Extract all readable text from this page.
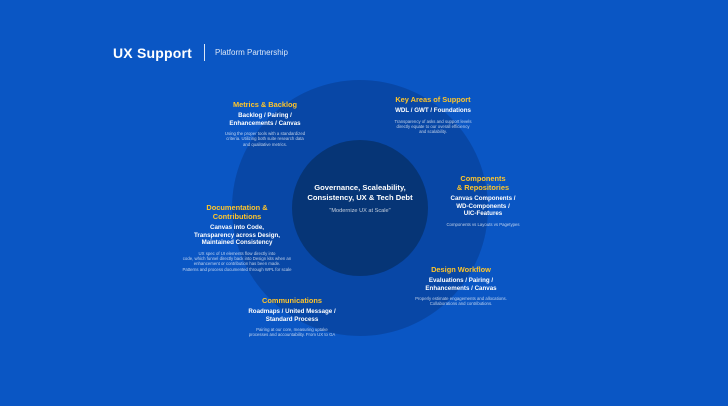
UX Support	Platform Partnership
Governance, Scaleability,
Consistency, UX & Tech Debt
"Modernize UX at Scale"
Metrics & Backlog
Backlog / Pairing /
Enhancements / Canvas
Using the proper tools with a standardized
criteria. Utilizing both suite research data
and qualitative metrics.
Key Areas of Support
WDL / GWT / Foundations
Transparency of asks and support levels
directly equate to our overall efficiency
and scalability.
Components
& Repositories
Canvas Components /
WD-Components /
UIC-Features
Components vs Layouts vs Pagetypes
Documentation &
Contributions
Canvas into Code,
Transparency across Design,
Maintained Consistency
UX spec of UI elements flow directly into
code, which funnel directly back into Design kits when an
enhancement or contribution has been made.
Patterns and process documented through WPL for scale	Design Workflow
Evaluations / Pairing /
Enhancements / Canvas
Properly estimate engagements and allocations.
Collaborations and contributions.
Communications
Roadmaps / United Message /
Standard Process
Pairing at our core, measuring uptake
processes and accountability. From UX to GA
